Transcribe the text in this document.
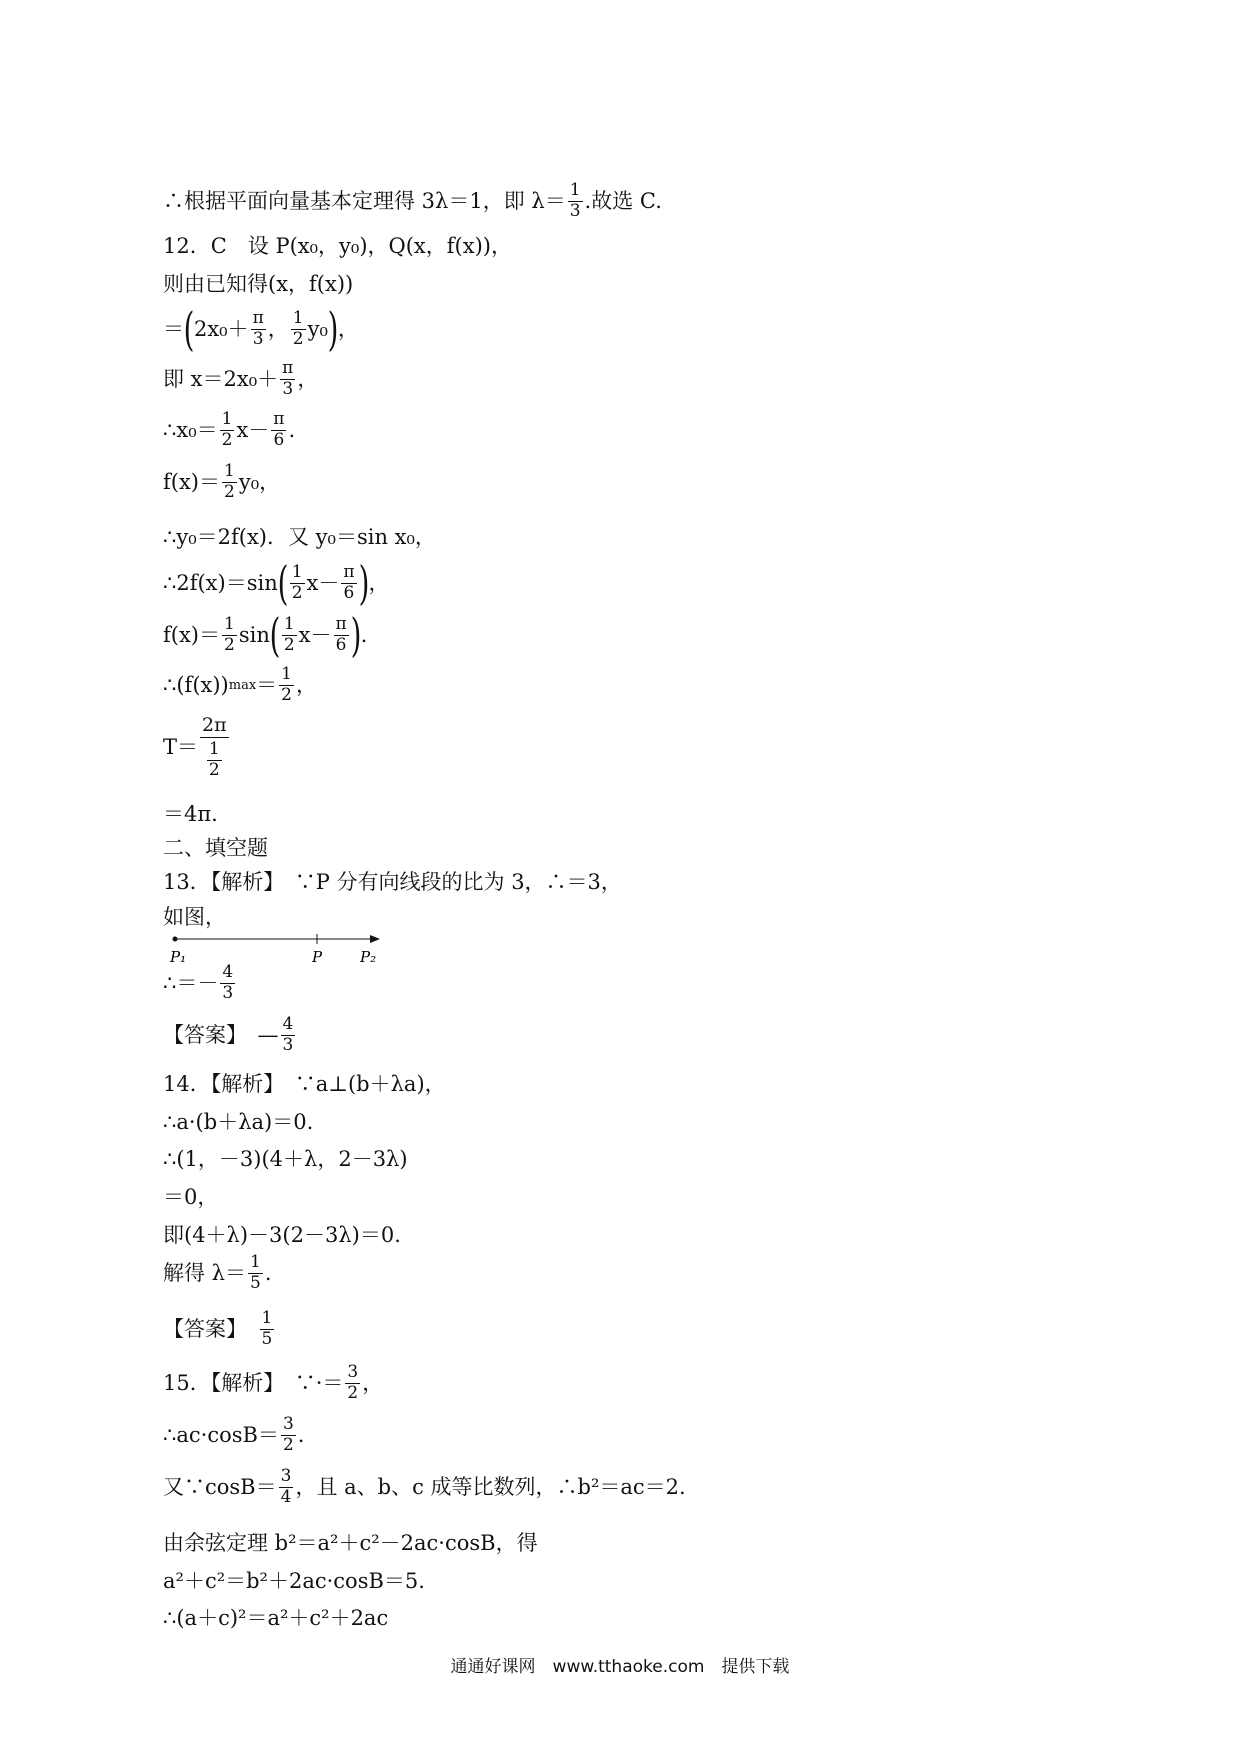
∴根据平面向量基本定理得 3λ＝1，即 $\lambda= \frac{1}{3}$ .故选 C.
12．C　设 P(x₀，y₀)，Q(x，f(x))，
则由已知得(x，f(x))
＝ ( $2x_0+ \frac{\pi}{3}$ ， $\frac{1}{2} y_0$ ) ，
即 $x=2x_0+ \frac{\pi}{3}$ ，
∴x₀＝ $\frac{1}{2} x- \frac{\pi}{6}$ .
$f(x)= \frac{1}{2} y_0$，
∴y₀＝2f(x)．又 y₀＝sin x₀，
∴2f(x)＝sin ( $\frac{1}{2} x- \frac{\pi}{6}$ ) ，
$f(x)= \frac{1}{2}$ sin ( $\frac{1}{2} x- \frac{\pi}{6}$ ) .
∴(f(x)) $\max = \frac{1}{2}$ ，
$T= \frac{2\pi}{\frac{1}{2}}$
＝4π.
二、填空题
13．【解析】　∵P 分有向线段的比为 3，∴＝3，
如图，
P₁	P	P₂
∴＝－ $\frac{4}{3}$
【答案】　— $\frac{4}{3}$
14．【解析】　∵a⊥(b＋λa)，
∴a·(b＋λa)＝0.
∴(1，－3)(4＋λ，2－3λ)
＝0，
即(4＋λ)－3(2－3λ)＝0.
解得 $\lambda= \frac{1}{5}$ .
【答案】　 $\frac{1}{5}$
15．【解析】　∵·＝ $\frac{3}{2}$ ，
∴ac·cosB＝ $\frac{3}{2}$ .
又∵cosB＝ $\frac{3}{4}$ ，且 a、b、c 成等比数列，∴b²＝ac＝2.
由余弦定理 b²＝a²＋c²－2ac·cosB，得
a²＋c²＝b²＋2ac·cosB＝5.
∴(a＋c)²＝a²＋c²＋2ac
通通好课网　www.tthaoke.com　提供下载
